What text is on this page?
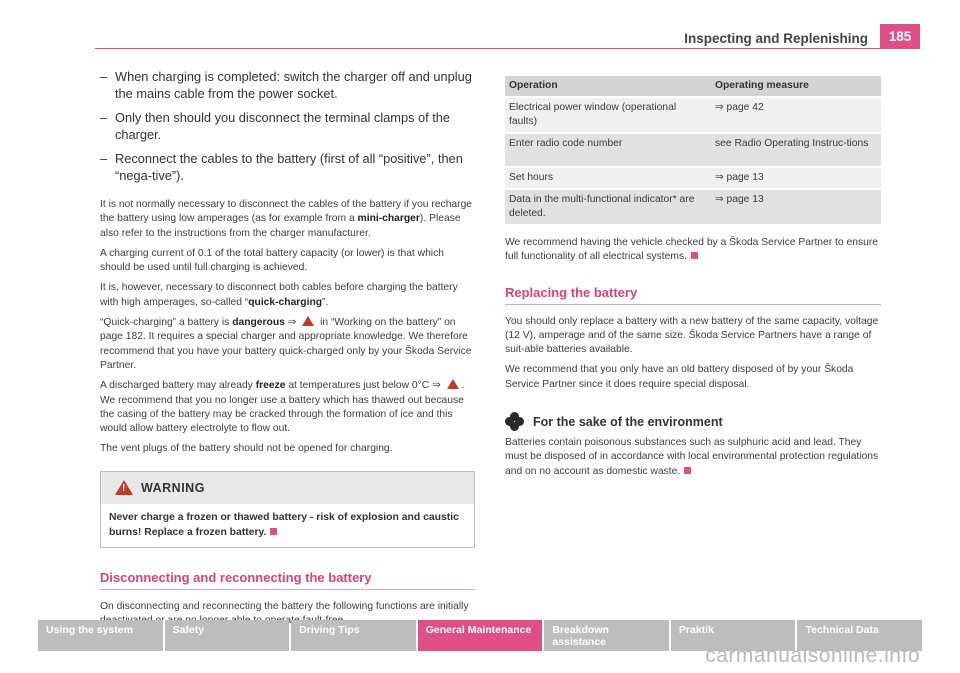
Inspecting and Replenishing	185
– When charging is completed: switch the charger off and unplug the mains cable from the power socket.
– Only then should you disconnect the terminal clamps of the charger.
– Reconnect the cables to the battery (first of all “positive”, then “nega-tive”).

It is not normally necessary to disconnect the cables of the battery if you recharge the battery using low amperages (as for example from a mini-charger). Please also refer to the instructions from the charger manufacturer.

A charging current of 0.1 of the total battery capacity (or lower) is that which should be used until full charging is achieved.

It is, however, necessary to disconnect both cables before charging the battery with high amperages, so-called “quick-charging”.

“Quick-charging” a battery is dangerous ⇒  in “Working on the battery” on page 182. It requires a special charger and appropriate knowledge. We therefore recommend that you have your battery quick-charged only by your Škoda Service Partner.

A discharged battery may already freeze at temperatures just below 0°C ⇒ . We recommend that you no longer use a battery which has thawed out because the casing of the battery may be cracked through the formation of ice and this would allow battery electrolyte to flow out.

The vent plugs of the battery should not be opened for charging.

!
WARNING
Never charge a frozen or thawed battery - risk of explosion and caustic burns! Replace a frozen battery.
Disconnecting and reconnecting the battery

On disconnecting and reconnecting the battery the following functions are initially

Operation	Operating measure
Electrical power window (operational faults)	⇒ page 42
Enter radio code number	see Radio Operating Instruc-tions
Set hours	⇒ page 13
Data in the multi-functional indicator* are deleted.	⇒ page 13

We recommend having the vehicle checked by a Škoda Service Partner to ensure full functionality of all electrical systems.

Replacing the battery

You should only replace a battery with a new battery of the same capacity, voltage (12 V), amperage and of the same size. Škoda Service Partners have a range of suit-able batteries available.

We recommend that you only have an old battery disposed of by your Škoda Service Partner since it does require special disposal.

For the sake of the environment

Batteries contain poisonous substances such as sulphuric acid and lead. They must be disposed of in accordance with local environmental protection regulations and on no account as domestic waste.

Using the system	Safety	Driving Tips	General Maintenance	Breakdown assistance
Praktik	Technical Data
carmanualsonline.info
